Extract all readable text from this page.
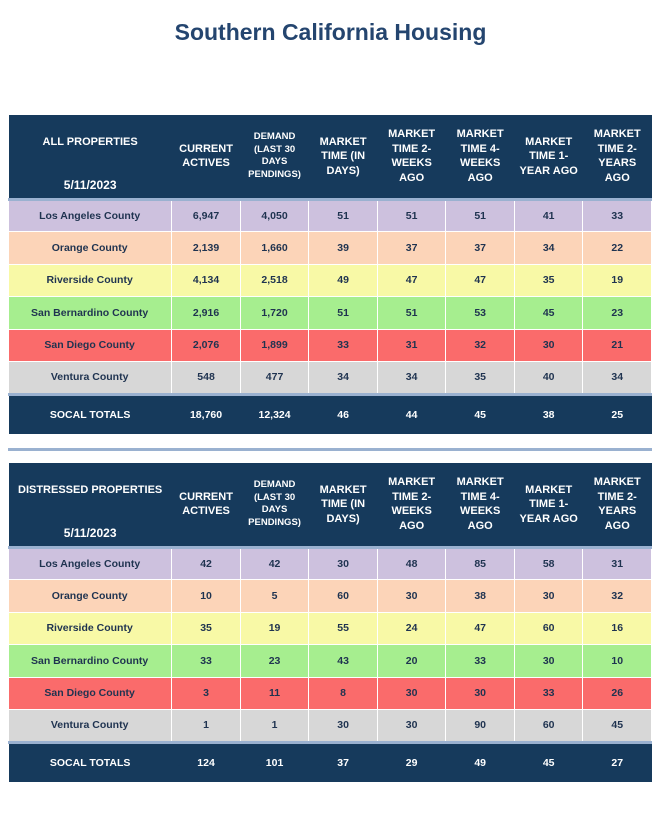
Southern California Housing
ALL PROPERTIES
5/11/2023	CURRENT ACTIVES	DEMAND (LAST 30 DAYS PENDINGS)	MARKET TIME (IN DAYS)	MARKET TIME 2-WEEKS AGO	MARKET TIME 4-WEEKS AGO	MARKET TIME 1-YEAR AGO	MARKET TIME 2-YEARS AGO
Los Angeles County	6,947	4,050	51	51	51	41	33
Orange County	2,139	1,660	39	37	37	34	22
Riverside County	4,134	2,518	49	47	47	35	19
San Bernardino County	2,916	1,720	51	51	53	45	23
San Diego County	2,076	1,899	33	31	32	30	21
Ventura County	548	477	34	34	35	40	34
SOCAL TOTALS	18,760	12,324	46	44	45	38	25
DISTRESSED PROPERTIES
5/11/2023	CURRENT ACTIVES	DEMAND (LAST 30 DAYS PENDINGS)	MARKET TIME (IN DAYS)	MARKET TIME 2-WEEKS AGO	MARKET TIME 4-WEEKS AGO	MARKET TIME 1-YEAR AGO	MARKET TIME 2-YEARS AGO
Los Angeles County	42	42	30	48	85	58	31
Orange County	10	5	60	30	38	30	32
Riverside County	35	19	55	24	47	60	16
San Bernardino County	33	23	43	20	33	30	10
San Diego County	3	11	8	30	30	33	26
Ventura County	1	1	30	30	90	60	45
SOCAL TOTALS	124	101	37	29	49	45	27
